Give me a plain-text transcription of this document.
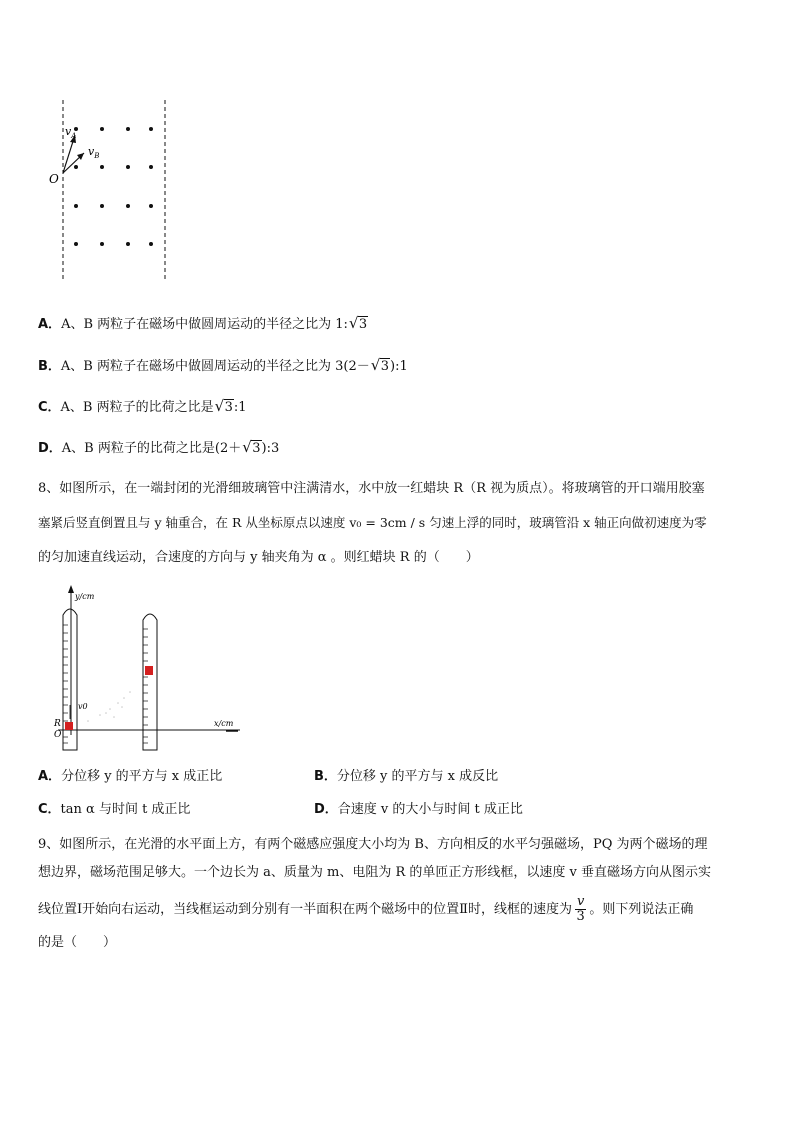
O
$v_A$
$v_B$
A．A、B 两粒子在磁场中做圆周运动的半径之比为 1: √ 3
B．A、B 两粒子在磁场中做圆周运动的半径之比为 3(2－ √ 3):1
C．A、B 两粒子的比荷之比是 √ 3:1
D．A、B 两粒子的比荷之比是(2＋ √ 3):3
8、如图所示，在一端封闭的光滑细玻璃管中注满清水，水中放一红蜡块 R（R 视为质点）。将玻璃管的开口端用胶塞
塞紧后竖直倒置且与 y 轴重合，在 R 从坐标原点以速度 v₀ = 3cm / s 匀速上浮的同时，玻璃管沿 x 轴正向做初速度为零
的匀加速直线运动，合速度的方向与 y 轴夹角为 α 。则红蜡块 R 的（　　）
y/cm
x/cm
v0
R
O
A．分位移 y 的平方与 x 成正比	B．分位移 y 的平方与 x 成反比
C．tan α 与时间 t 成正比	D．合速度 v 的大小与时间 t 成正比
9、如图所示，在光滑的水平面上方，有两个磁感应强度大小均为 B、方向相反的水平匀强磁场，PQ 为两个磁场的理
想边界，磁场范围足够大。一个边长为 a、质量为 m、电阻为 R 的单匝正方形线框，以速度 v 垂直磁场方向从图示实
线位置Ⅰ开始向右运动，当线框运动到分别有一半面积在两个磁场中的位置Ⅱ时，线框的速度为 $\frac{v}{3}$ 。则下列说法正确
的是（　　）
